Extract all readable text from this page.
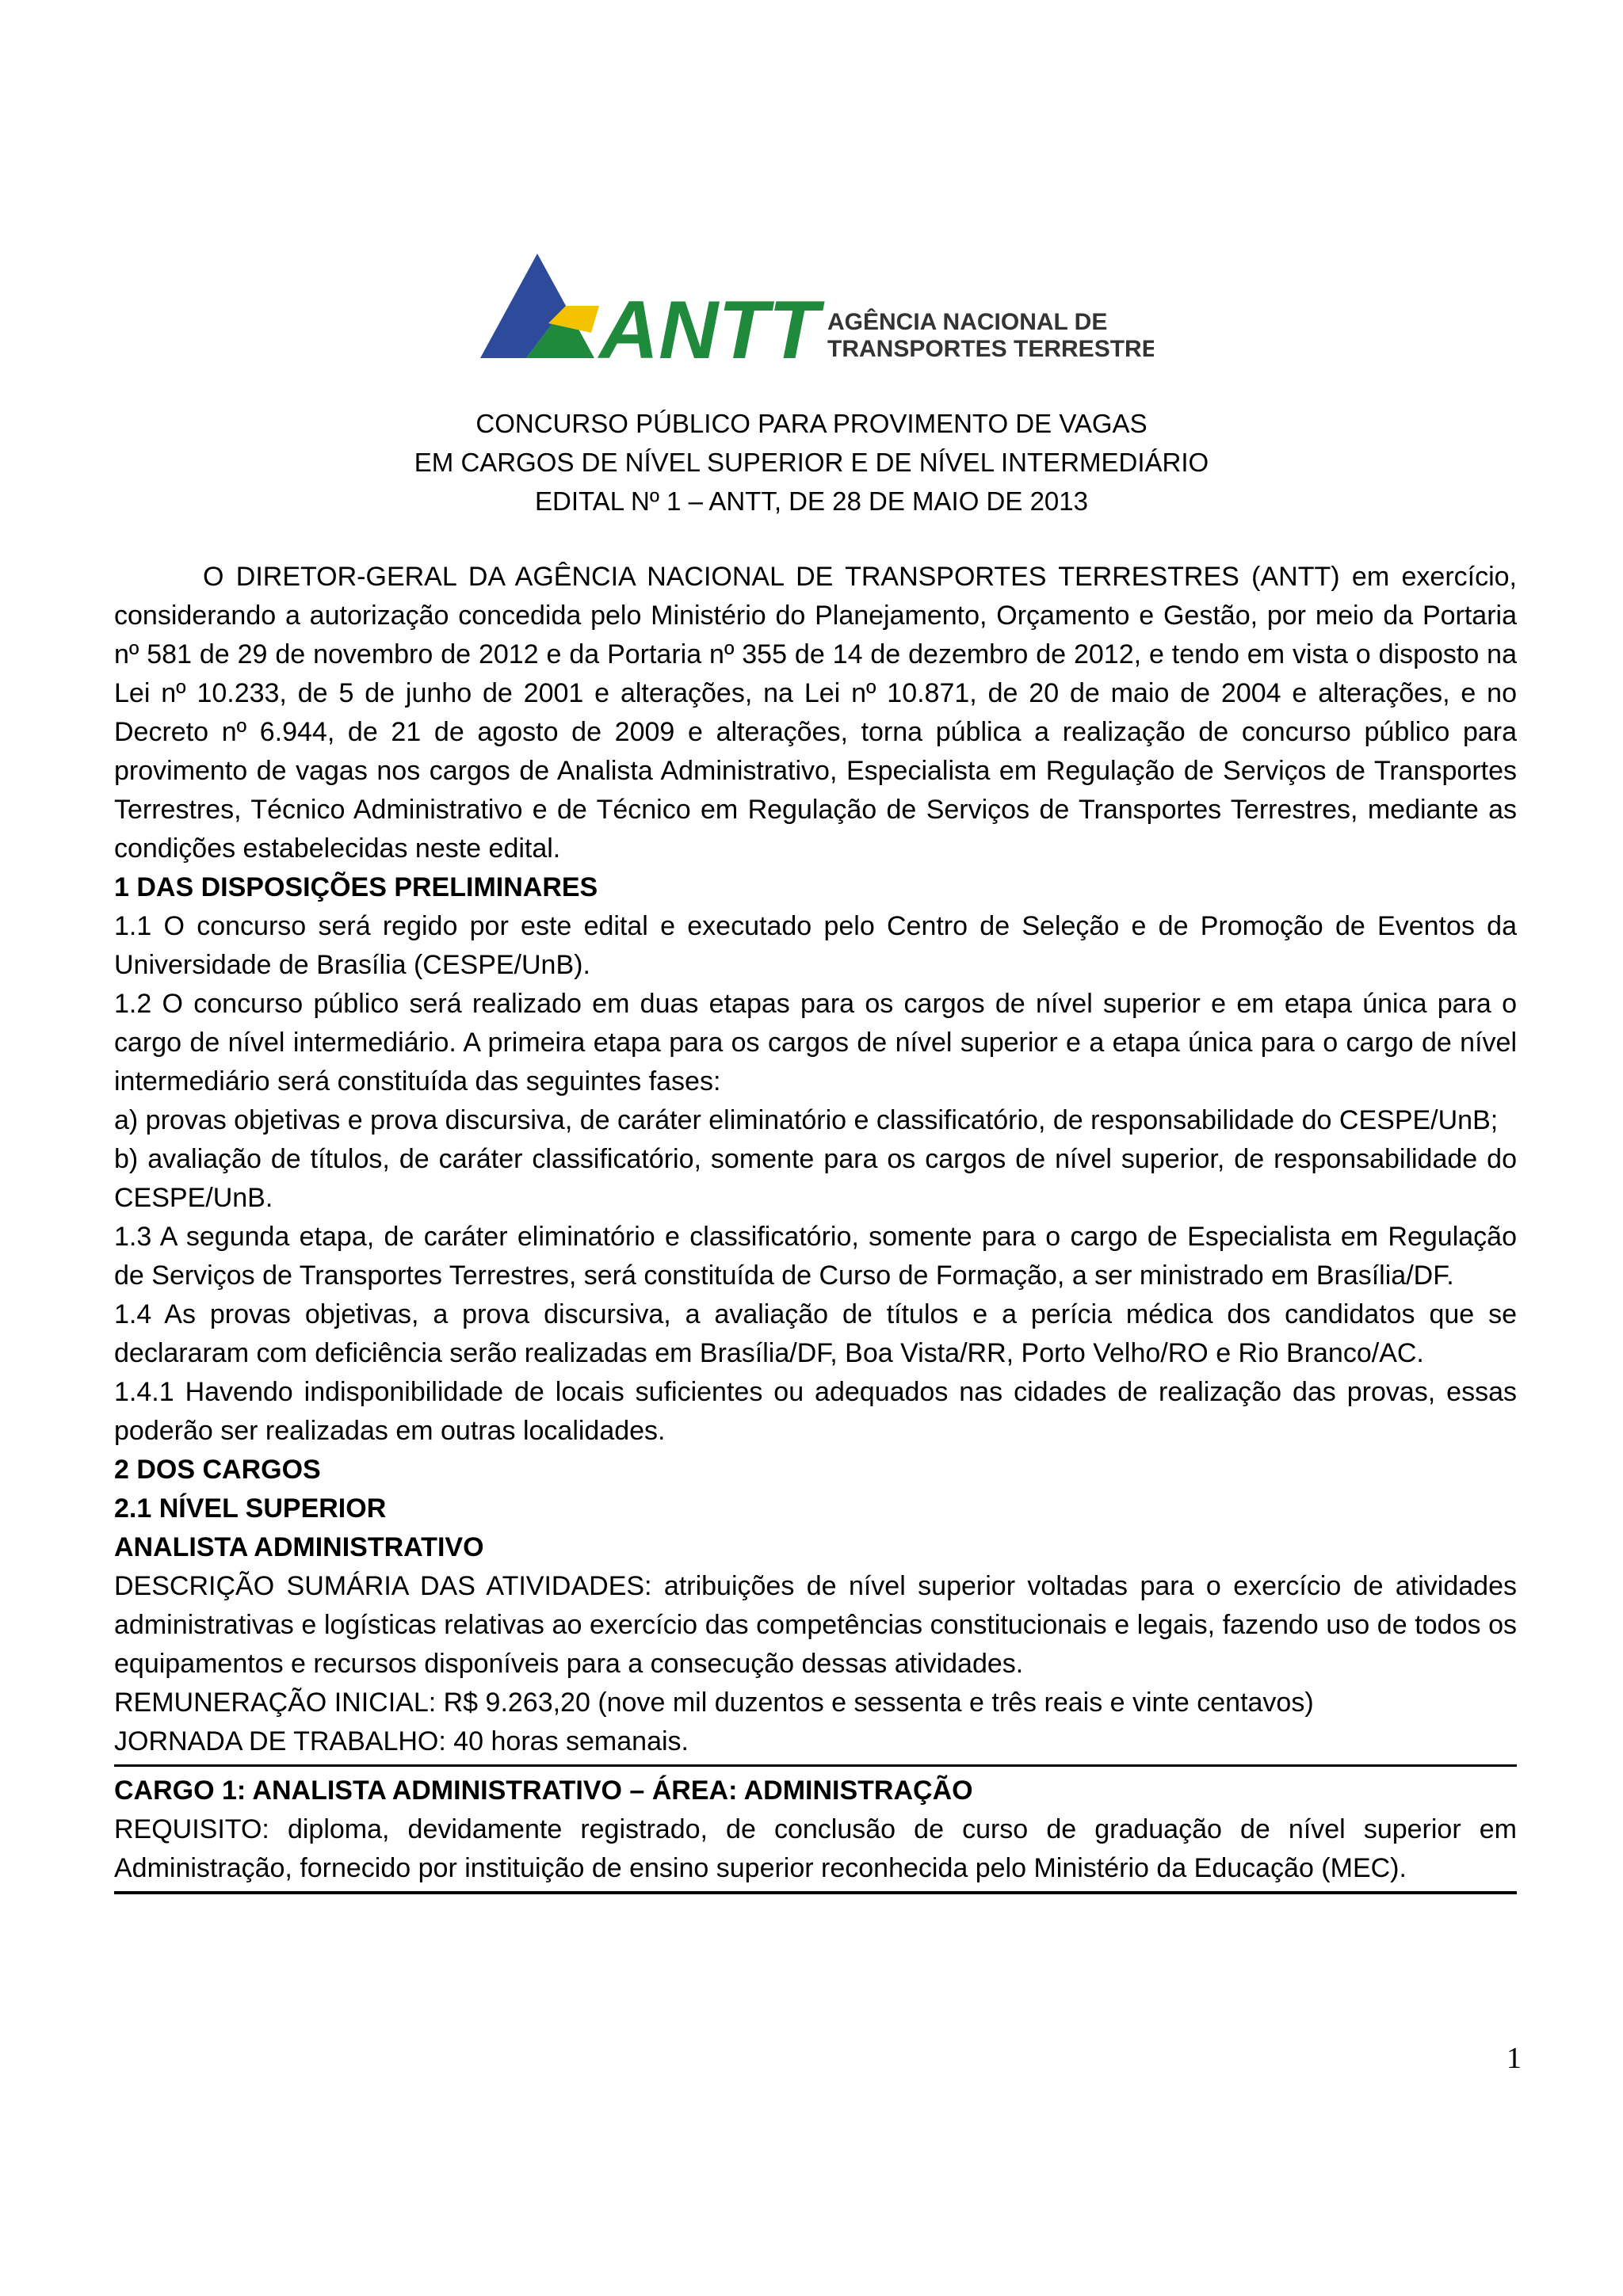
ANTT AGÊNCIA NACIONAL DE
TRANSPORTES TERRESTRES
CONCURSO PÚBLICO PARA PROVIMENTO DE VAGAS
EM CARGOS DE NÍVEL SUPERIOR E DE NÍVEL INTERMEDIÁRIO
EDITAL Nº 1 – ANTT, DE 28 DE MAIO DE 2013

O DIRETOR-GERAL DA AGÊNCIA NACIONAL DE TRANSPORTES TERRESTRES (ANTT) em exercício, considerando a autorização concedida pelo Ministério do Planejamento, Orçamento e Gestão, por meio da Portaria nº 581 de 29 de novembro de 2012 e da Portaria nº 355 de 14 de dezembro de 2012, e tendo em vista o disposto na Lei nº 10.233, de 5 de junho de 2001 e alterações, na Lei nº 10.871, de 20 de maio de 2004 e alterações, e no Decreto nº 6.944, de 21 de agosto de 2009 e alterações, torna pública a realização de concurso público para provimento de vagas nos cargos de Analista Administrativo, Especialista em Regulação de Serviços de Transportes Terrestres, Técnico Administrativo e de Técnico em Regulação de Serviços de Transportes Terrestres, mediante as condições estabelecidas neste edital.

1 DAS DISPOSIÇÕES PRELIMINARES

1.1 O concurso será regido por este edital e executado pelo Centro de Seleção e de Promoção de Eventos da Universidade de Brasília (CESPE/UnB).

1.2 O concurso público será realizado em duas etapas para os cargos de nível superior e em etapa única para o cargo de nível intermediário. A primeira etapa para os cargos de nível superior e a etapa única para o cargo de nível intermediário será constituída das seguintes fases:

a) provas objetivas e prova discursiva, de caráter eliminatório e classificatório, de responsabilidade do CESPE/UnB;

b) avaliação de títulos, de caráter classificatório, somente para os cargos de nível superior, de responsabilidade do CESPE/UnB.

1.3 A segunda etapa, de caráter eliminatório e classificatório, somente para o cargo de Especialista em Regulação de Serviços de Transportes Terrestres, será constituída de Curso de Formação, a ser ministrado em Brasília/DF.

1.4 As provas objetivas, a prova discursiva, a avaliação de títulos e a perícia médica dos candidatos que se declararam com deficiência serão realizadas em Brasília/DF, Boa Vista/RR, Porto Velho/RO e Rio Branco/AC.

1.4.1 Havendo indisponibilidade de locais suficientes ou adequados nas cidades de realização das provas, essas poderão ser realizadas em outras localidades.

2 DOS CARGOS

2.1 NÍVEL SUPERIOR

ANALISTA ADMINISTRATIVO

DESCRIÇÃO SUMÁRIA DAS ATIVIDADES: atribuições de nível superior voltadas para o exercício de atividades administrativas e logísticas relativas ao exercício das competências constitucionais e legais, fazendo uso de todos os equipamentos e recursos disponíveis para a consecução dessas atividades.

REMUNERAÇÃO INICIAL: R$ 9.263,20 (nove mil duzentos e sessenta e três reais e vinte centavos)

JORNADA DE TRABALHO: 40 horas semanais.

CARGO 1: ANALISTA ADMINISTRATIVO – ÁREA: ADMINISTRAÇÃO

REQUISITO: diploma, devidamente registrado, de conclusão de curso de graduação de nível superior em Administração, fornecido por instituição de ensino superior reconhecida pelo Ministério da Educação (MEC).

1
